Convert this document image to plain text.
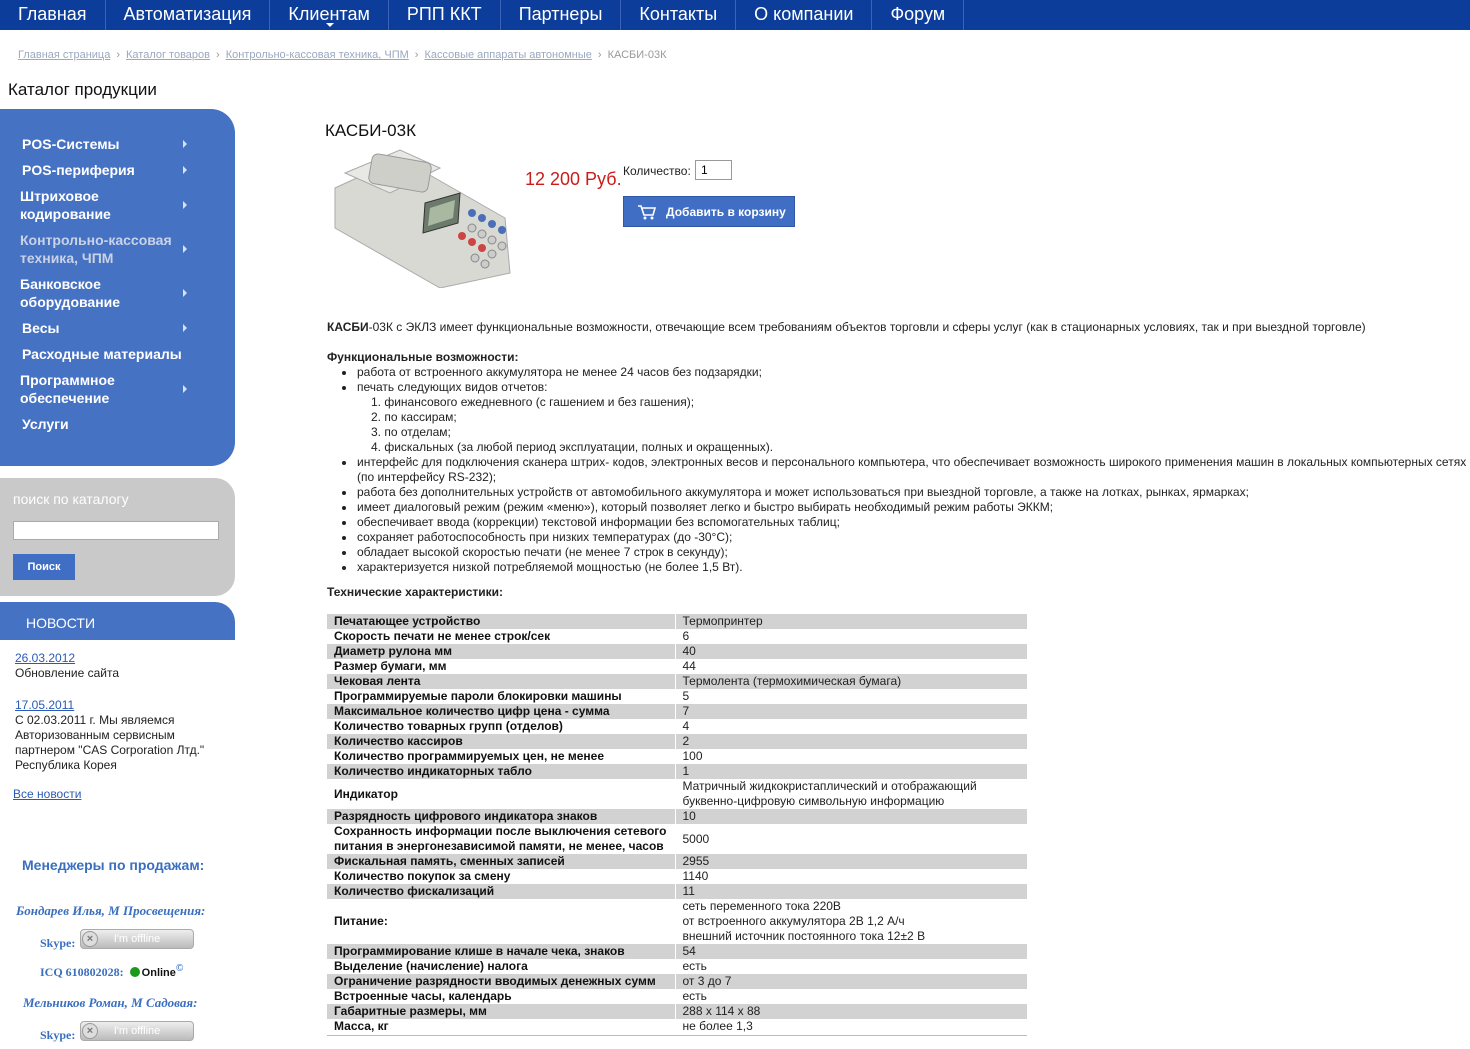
Главная	Автоматизация	Клиентам	РПП ККТ	Партнеры	Контакты	О компании	Форум
Главная страница › Каталог товаров › Контрольно-кассовая техника, ЧПМ › Кассовые аппараты автономные › КАСБИ-03К
Каталог продукции
POS-Системы
POS-периферия
Штриховое кодирование
Контрольно-кассовая техника, ЧПМ
Банковское оборудование
Весы
Расходные материалы
Программное обеспечение
Услуги
поиск по каталогу
Поиск
НОВОСТИ
26.03.2012
Обновление сайта
17.05.2011
С 02.03.2011 г. Мы являемся Авторизованным сервисным партнером "CAS Corporation Лтд." Республика Корея
Все новости
Менеджеры по продажам:
Бондарев Илья, М Просвещения:
Skype:	×	I'm offline
ICQ 610802028: Online©
Мельников Роман, М Садовая:
Skype:	×	I'm offline
КАСБИ-03К
12 200 Руб. Количество:
1
Добавить в корзину
КАСБИ-03К с ЭКЛЗ имеет функциональные возможности, отвечающие всем требованиям объектов торговли и сферы услуг (как в стационарных условиях, так и при выездной торговле)
Функциональные возможности:
работа от встроенного аккумулятора не менее 24 часов без подзарядки;
печать следующих видов отчетов:
1. финансового ежедневного (с гашением и без гашения);
2. по кассирам;
3. по отделам;
4. фискальных (за любой период эксплуатации, полных и окращенных).
интерфейс для подключения сканера штрих- кодов, электронных весов и персонального компьютера, что обеспечивает возможность широкого применения машин в локальных компьютерных сетях (по интерфейсу RS-232);
работа без дополнительных устройств от автомобильного аккумулятора и может использоваться при выездной торговле, а также на лотках, рынках, ярмарках;
имеет диалоговый режим (режим «меню»), который позволяет легко и быстро выбирать необходимый режим работы ЭККМ;
обеспечивает ввода (коррекции) текстовой информации без вспомогательных таблиц;
сохраняет работоспособность при низких температурах (до -30°С);
обладает высокой скоростью печати (не менее 7 строк в секунду);
характеризуется низкой потребляемой мощностью (не более 1,5 Вт).
Технические характеристики:
Печатающее устройство	Термопринтер
Скорость печати не менее строк/сек	6
Диаметр рулона мм	40
Размер бумаги, мм	44
Чековая лента	Термолента (термохимическая бумага)
Программируемые пароли блокировки машины	5
Максимальное количество цифр цена - сумма	7
Количество товарных групп (отделов)	4
Количество кассиров	2
Количество программируемых цен, не менее	100
Количество индикаторных табло	1
Индикатор	Матричный жидкокристаплический и отображающий
буквенно-цифровую символьную информацию
Разрядность цифрового индикатора знаков	10
Сохранность информации после выключения сетевого
питания в энергонезависимой памяти, не менее, часов	5000
Фискальная память, сменных записей	2955
Количество покупок за смену	1140
Количество фискализаций	11
Питание:	сеть переменного тока 220В
от встроенного аккумулятора 2В 1,2 А/ч
внешний источник постоянного тока 12±2 В
Программирование клише в начале чека, знаков	54
Выделение (начисление) налога	есть
Ограничение разрядности вводимых денежных сумм	от 3 до 7
Встроенные часы, календарь	есть
Габаритные размеры, мм	288 х 114 х 88
Масса, кг	не более 1,3
